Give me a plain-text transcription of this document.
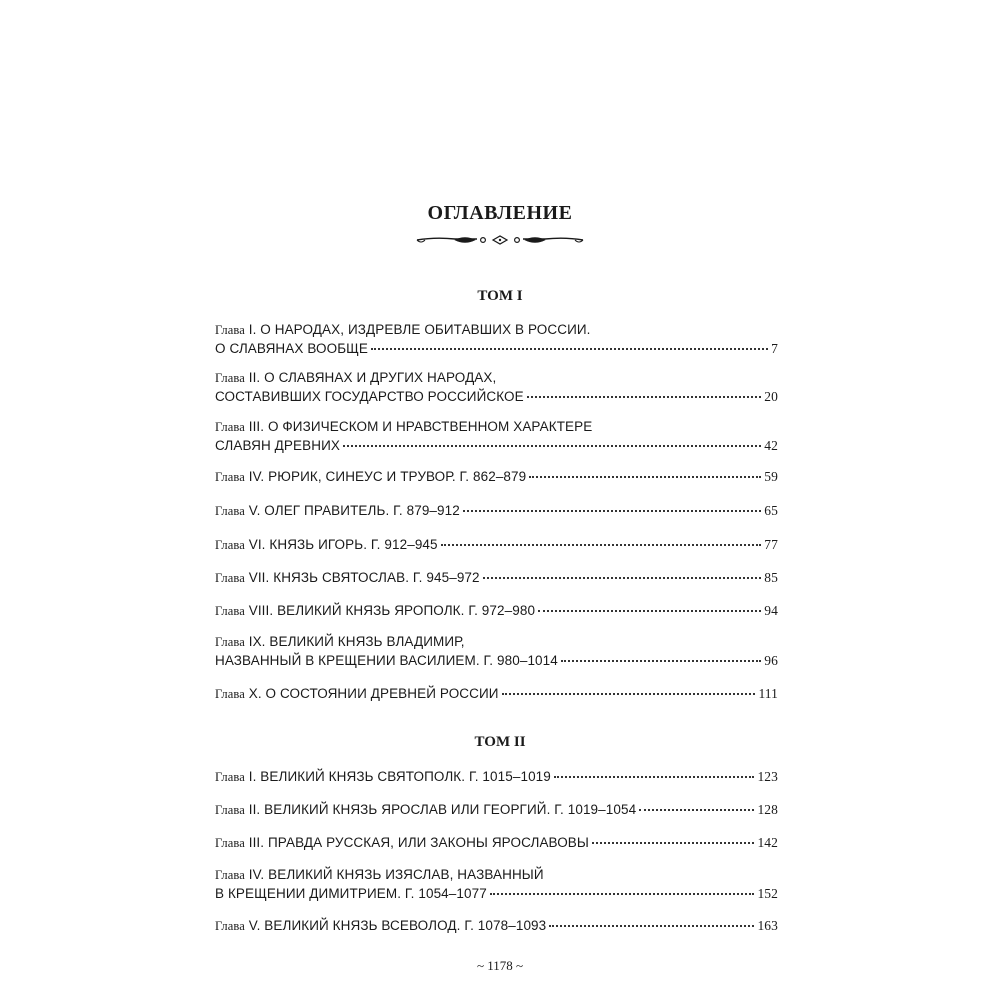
ОГЛАВЛЕНИЕ
ТОМ I
Глава I. О НАРОДАХ, ИЗДРЕВЛЕ ОБИТАВШИХ В РОССИИ.
О СЛАВЯНАХ ВООБЩЕ	7
Глава II. О СЛАВЯНАХ И ДРУГИХ НАРОДАХ,
СОСТАВИВШИХ ГОСУДАРСТВО РОССИЙСКОЕ	20
Глава III. О ФИЗИЧЕСКОМ И НРАВСТВЕННОМ ХАРАКТЕРЕ
СЛАВЯН ДРЕВНИХ	42
Глава IV. РЮРИК, СИНЕУС И ТРУВОР. Г. 862–879	59
Глава V. ОЛЕГ ПРАВИТЕЛЬ. Г. 879–912	65
Глава VI. КНЯЗЬ ИГОРЬ. Г. 912–945	77
Глава VII. КНЯЗЬ СВЯТОСЛАВ. Г. 945–972	85
Глава VIII. ВЕЛИКИЙ КНЯЗЬ ЯРОПОЛК. Г. 972–980	94
Глава IX. ВЕЛИКИЙ КНЯЗЬ ВЛАДИМИР,
НАЗВАННЫЙ В КРЕЩЕНИИ ВАСИЛИЕМ. Г. 980–1014	96
Глава X. О СОСТОЯНИИ ДРЕВНЕЙ РОССИИ	111
ТОМ II
Глава I. ВЕЛИКИЙ КНЯЗЬ СВЯТОПОЛК. Г. 1015–1019	123
Глава II. ВЕЛИКИЙ КНЯЗЬ ЯРОСЛАВ ИЛИ ГЕОРГИЙ. Г. 1019–1054	128
Глава III. ПРАВДА РУССКАЯ, ИЛИ ЗАКОНЫ ЯРОСЛАВОВЫ	142
Глава IV. ВЕЛИКИЙ КНЯЗЬ ИЗЯСЛАВ, НАЗВАННЫЙ
В КРЕЩЕНИИ ДИМИТРИЕМ. Г. 1054–1077	152
Глава V. ВЕЛИКИЙ КНЯЗЬ ВСЕВОЛОД. Г. 1078–1093	163
~ 1178 ~
